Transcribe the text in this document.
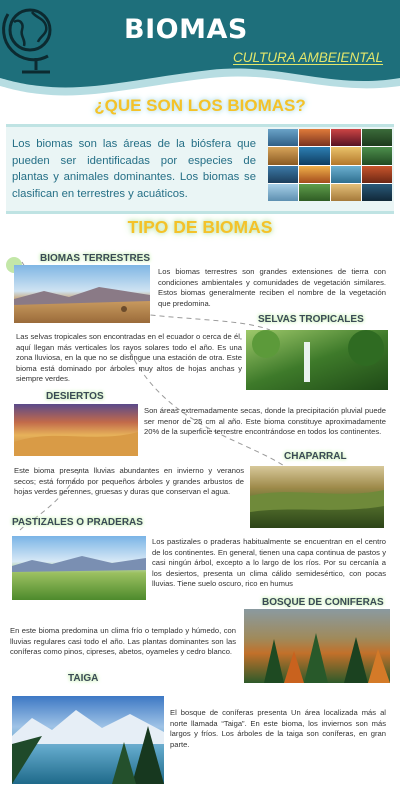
BIOMAS
CULTURA AMBEIENTAL
¿QUE SON LOS BIOMAS?
Los biomas son las áreas de la biósfera que pueden ser identificadas por especies de plantas y animales dominantes. Los biomas se clasifican en terrestres y acuáticos.
TIPO DE BIOMAS
BIOMAS TERRESTRES
Los biomas terrestres son grandes extensiones de tierra con condiciones ambientales y comunidades de vegetación similares. Estos biomas generalmente reciben el nombre de la vegetación que predomina.
SELVAS TROPICALES
Las selvas tropicales son encontradas en el ecuador o cerca de él, aquí llegan más verticales los rayos solares todo el año. Es una zona lluviosa, en la que no se distingue una estación de otra. Este bioma está dominado por árboles muy altos de hojas anchas y siempre verdes.
DESIERTOS
Son áreas extremadamente secas, donde la precipitación pluvial puede ser menor de 25 cm al año. Este bioma constituye aproximadamente 20% de la superficie terrestre encontrándose en todos los continentes.
CHAPARRAL
Este bioma presenta lluvias abundantes en invierno y veranos secos; está formado por pequeños árboles y grandes arbustos de hojas verdes perennes, gruesas y duras que conservan el agua.
PASTIZALES O PRADERAS
Los pastizales o praderas habitualmente se encuentran en el centro de los continentes. En general, tienen una capa continua de pastos y casi ningún árbol, excepto a lo largo de los ríos. Por su cercanía a los desiertos, presenta un clima cálido semidesértico, con pocas lluvias. Tiene suelo oscuro, rico en humus
BOSQUE DE CONIFERAS
En este bioma predomina un clima frío o templado y húmedo, con lluvias regulares casi todo el año. Las plantas dominantes son las coníferas como pinos, cipreses, abetos, oyameles y cedro blanco.
TAIGA
El bosque de coníferas presenta Un área localizada más al norte llamada “Taiga”. En este bioma, los inviernos son más largos y fríos. Los árboles de la taiga son coníferas, en gran parte.
